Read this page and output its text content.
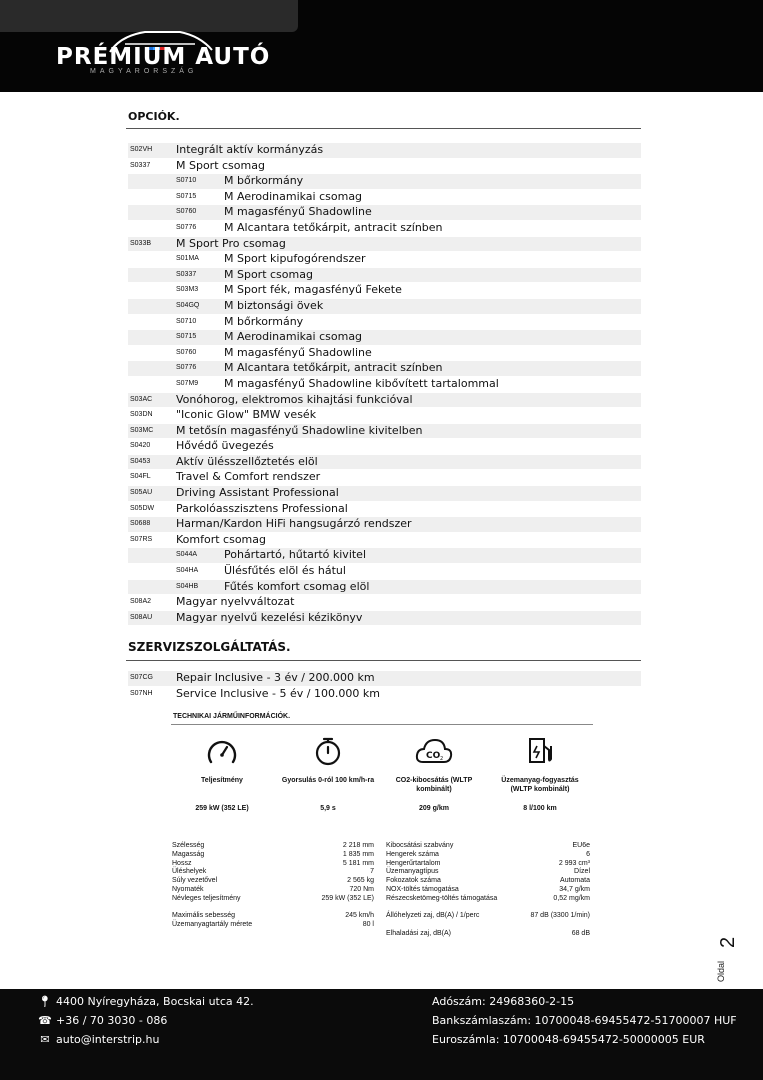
PRÉMIUM AUTÓ
MAGYARORSZÁG
OPCIÓK.
S02VH Integrált aktív kormányzás
S0337 M Sport csomag
S0710	M bőrkormány
S0715	M Aerodinamikai csomag
S0760	M magasfényű Shadowline
S0776	M Alcantara tetőkárpit, antracit színben
S033B M Sport Pro csomag
S01MA M Sport kipufogórendszer
S0337	M Sport csomag
S03M3 M Sport fék, magasfényű Fekete
S04GQ M biztonsági övek
S0710	M bőrkormány
S0715	M Aerodinamikai csomag
S0760	M magasfényű Shadowline
S0776	M Alcantara tetőkárpit, antracit színben
S07M9 M magasfényű Shadowline kibővített tartalommal
S03AC Vonóhorog, elektromos kihajtási funkcióval
S03DN "Iconic Glow" BMW vesék
S03MC M tetősín magasfényű Shadowline kivitelben
S0420 Hővédő üvegezés
S0453 Aktív ülésszellőztetés elöl
S04FL Travel & Comfort rendszer
S05AU Driving Assistant Professional
S05DW Parkolóasszisztens Professional
S0688 Harman/Kardon HiFi hangsugárzó rendszer
S07RS Komfort csomag
S044A Pohártartó, hűtartó kivitel
S04HA Ülésfűtés elöl és hátul
S04HB Fűtés komfort csomag elöl
S08A2 Magyar nyelvváltozat
S08AU Magyar nyelvű kezelési kézikönyv
SZERVIZSZOLGÁLTATÁS.
S07CG Repair Inclusive - 3 év / 200.000 km
S07NH Service Inclusive - 5 év / 100.000 km
TECHNIKAI JÁRMŰINFORMÁCIÓK.
Teljesítmény
259 kW (352 LE)
Gyorsulás 0-ról 100 km/h-ra
5,9 s
CO 2
CO2-kibocsátás (WLTP kombinált)
209 g/km
Üzemanyag-fogyasztás (WLTP kombinált)
8 l/100 km
Szélesség	2 218 mm
Magasság	1 835 mm
Hossz	5 181 mm
Üléshelyek	7
Súly vezetővel	2 565 kg
Nyomaték	720 Nm
Névleges teljesítmény	259 kW (352 LE)
Maximális sebesség	245 km/h
Üzemanyagtartály mérete	80 l
Kibocsátási szabvány	EU6e
Hengerek száma	6
Hengerűrtartalom	2 993 cm³
Üzemanyagtípus	Dízel
Fokozatok száma	Automata
NOX-töltés támogatása	34,7 g/km
Részecsketömeg-töltés támogatása	0,52 mg/km
Állóhelyzeti zaj, dB(A) / 1/perc	87 dB (3300 1/min)
Elhaladási zaj, dB(A)	68 dB
Oldal
2
📍︎ 4400 Nyíregyháza, Bocskai utca 42.
☎ +36 / 70 3030 - 086
✉ auto@interstrip.hu
Adószám: 24968360-2-15
Bankszámlaszám: 10700048-69455472-51700007 HUF
Euroszámla: 10700048-69455472-50000005 EUR
